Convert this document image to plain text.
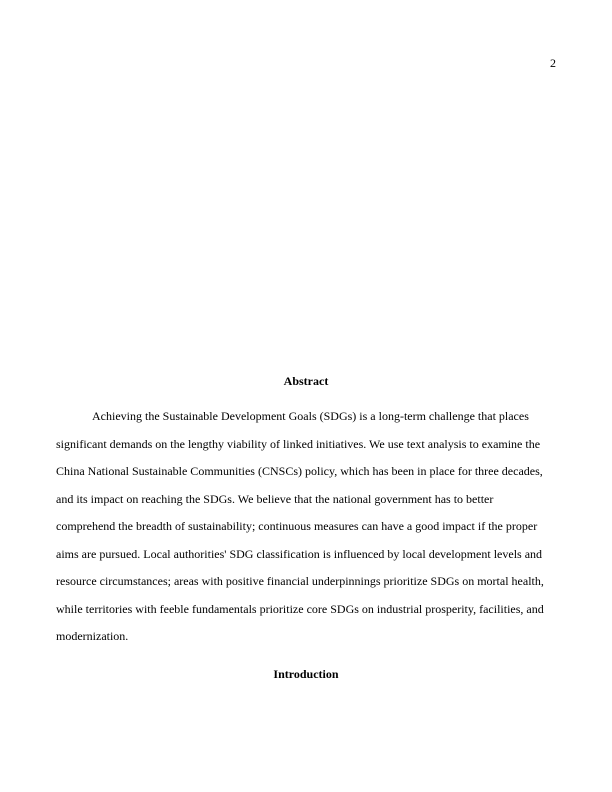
2
Abstract

Achieving the Sustainable Development Goals (SDGs) is a long-term challenge that places significant demands on the lengthy viability of linked initiatives. We use text analysis to examine the China National Sustainable Communities (CNSCs) policy, which has been in place for three decades, and its impact on reaching the SDGs. We believe that the national government has to better comprehend the breadth of sustainability; continuous measures can have a good impact if the proper aims are pursued. Local authorities' SDG classification is influenced by local development levels and resource circumstances; areas with positive financial underpinnings prioritize SDGs on mortal health, while territories with feeble fundamentals prioritize core SDGs on industrial prosperity, facilities, and modernization.

Introduction
